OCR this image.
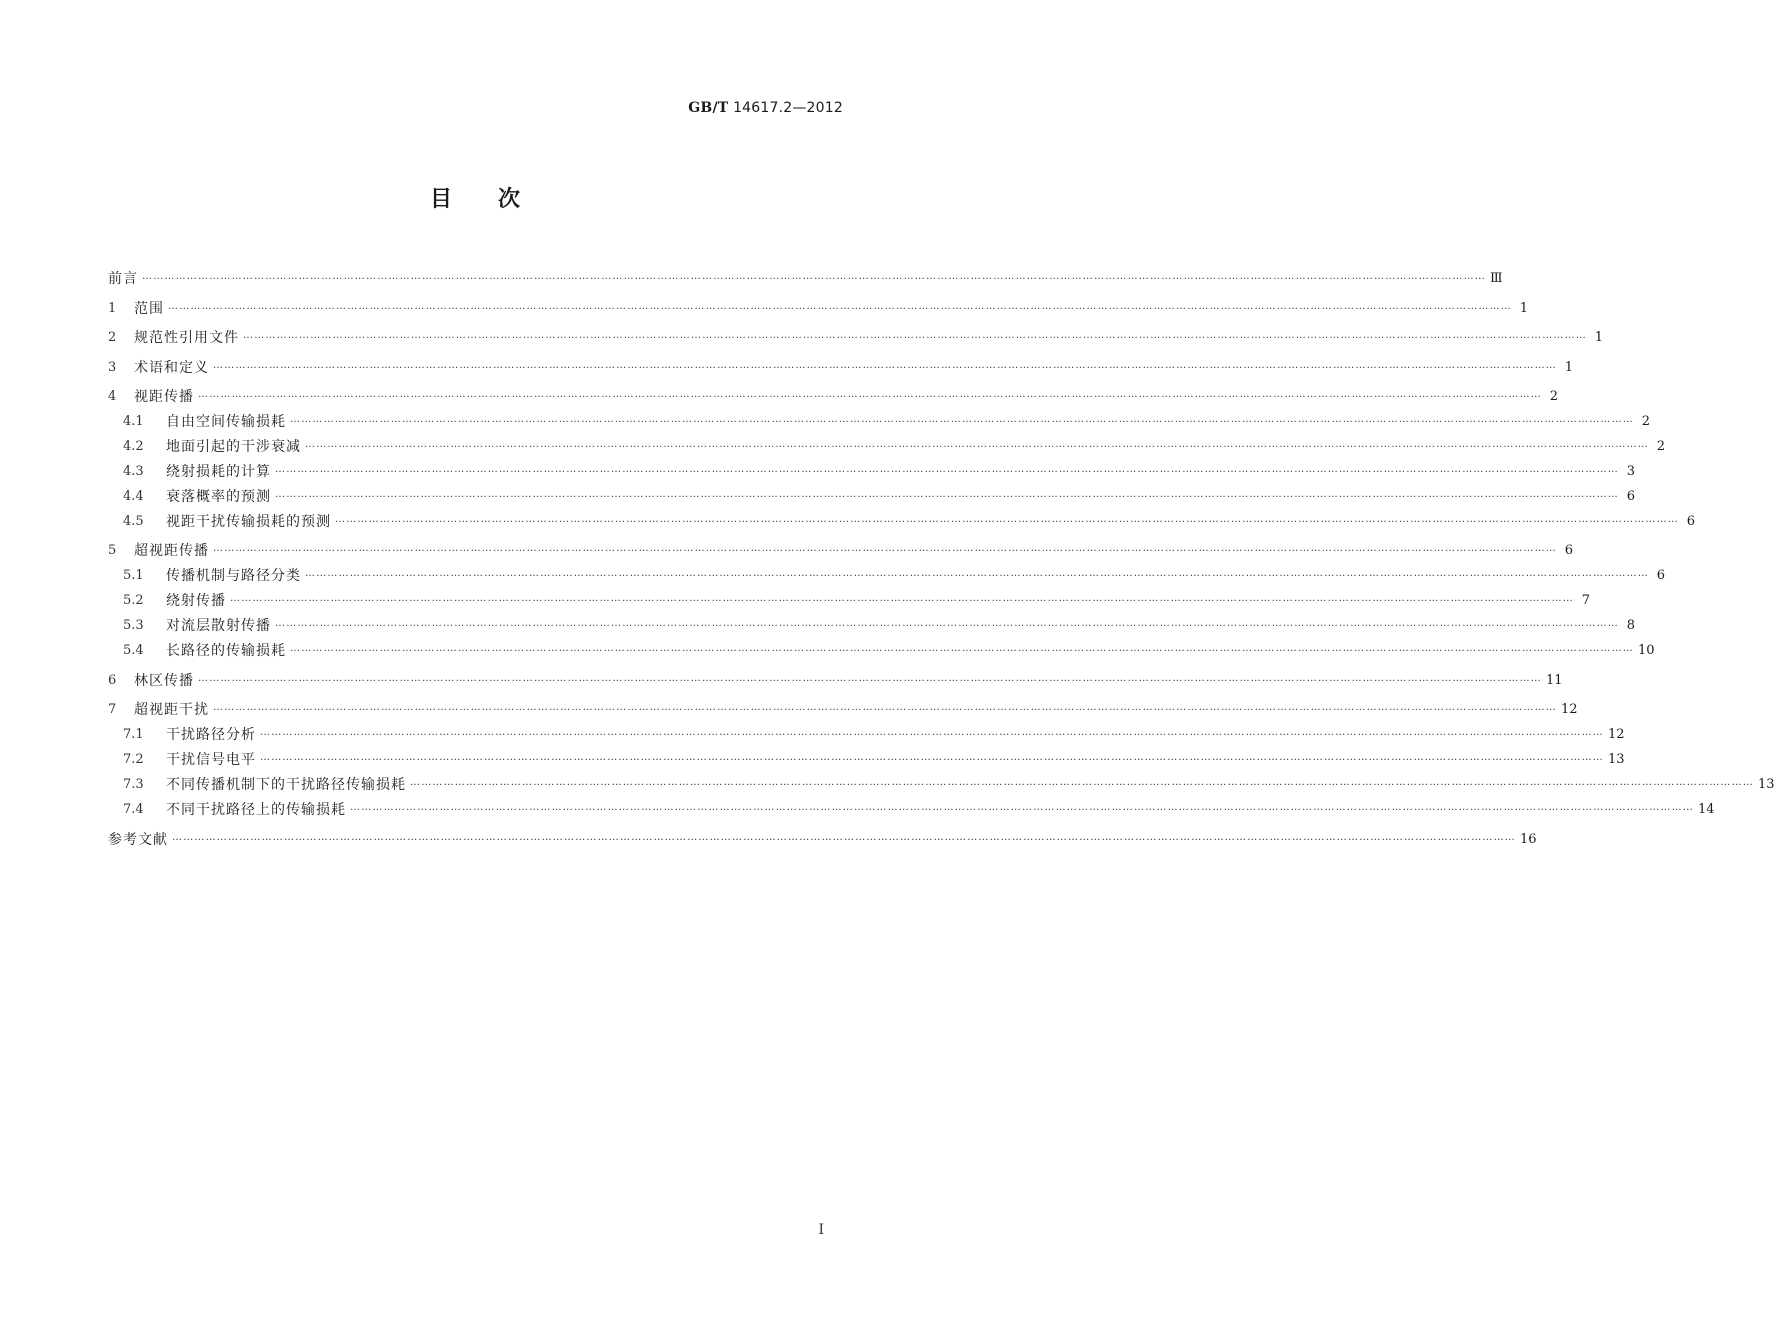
GB/T 14617.2—2012
目次
前言 ……………………………………………………………………………………………………………………………………………………………………………………………………………………………………………………………………………………………………………………………… Ⅲ
1	范围 ……………………………………………………………………………………………………………………………………………………………………………………………………………………………………………………………………………………………………………………………… 1
2	规范性引用文件 ……………………………………………………………………………………………………………………………………………………………………………………………………………………………………………………………………………………………………………………………… 1
3	术语和定义 ……………………………………………………………………………………………………………………………………………………………………………………………………………………………………………………………………………………………………………………………… 1
4	视距传播 ……………………………………………………………………………………………………………………………………………………………………………………………………………………………………………………………………………………………………………………………… 2
4.1	自由空间传输损耗 ……………………………………………………………………………………………………………………………………………………………………………………………………………………………………………………………………………………………………………………………… 2
4.2	地面引起的干涉衰减 ……………………………………………………………………………………………………………………………………………………………………………………………………………………………………………………………………………………………………………………………… 2
4.3	绕射损耗的计算 ……………………………………………………………………………………………………………………………………………………………………………………………………………………………………………………………………………………………………………………………… 3
4.4	衰落概率的预测 ……………………………………………………………………………………………………………………………………………………………………………………………………………………………………………………………………………………………………………………………… 6
4.5	视距干扰传输损耗的预测 ……………………………………………………………………………………………………………………………………………………………………………………………………………………………………………………………………………………………………………………………… 6
5	超视距传播 ……………………………………………………………………………………………………………………………………………………………………………………………………………………………………………………………………………………………………………………………… 6
5.1	传播机制与路径分类 ……………………………………………………………………………………………………………………………………………………………………………………………………………………………………………………………………………………………………………………………… 6
5.2	绕射传播 ……………………………………………………………………………………………………………………………………………………………………………………………………………………………………………………………………………………………………………………………… 7
5.3	对流层散射传播 ……………………………………………………………………………………………………………………………………………………………………………………………………………………………………………………………………………………………………………………………… 8
5.4	长路径的传输损耗 ……………………………………………………………………………………………………………………………………………………………………………………………………………………………………………………………………………………………………………………………… 10
6	林区传播 ……………………………………………………………………………………………………………………………………………………………………………………………………………………………………………………………………………………………………………………………… 11
7	超视距干扰 ……………………………………………………………………………………………………………………………………………………………………………………………………………………………………………………………………………………………………………………………… 12
7.1	干扰路径分析 ……………………………………………………………………………………………………………………………………………………………………………………………………………………………………………………………………………………………………………………………… 12
7.2	干扰信号电平 ……………………………………………………………………………………………………………………………………………………………………………………………………………………………………………………………………………………………………………………………… 13
7.3	不同传播机制下的干扰路径传输损耗 ……………………………………………………………………………………………………………………………………………………………………………………………………………………………………………………………………………………………………………………………… 13
7.4	不同干扰路径上的传输损耗 ……………………………………………………………………………………………………………………………………………………………………………………………………………………………………………………………………………………………………………………………… 14
参考文献 ……………………………………………………………………………………………………………………………………………………………………………………………………………………………………………………………………………………………………………………………… 16
I
